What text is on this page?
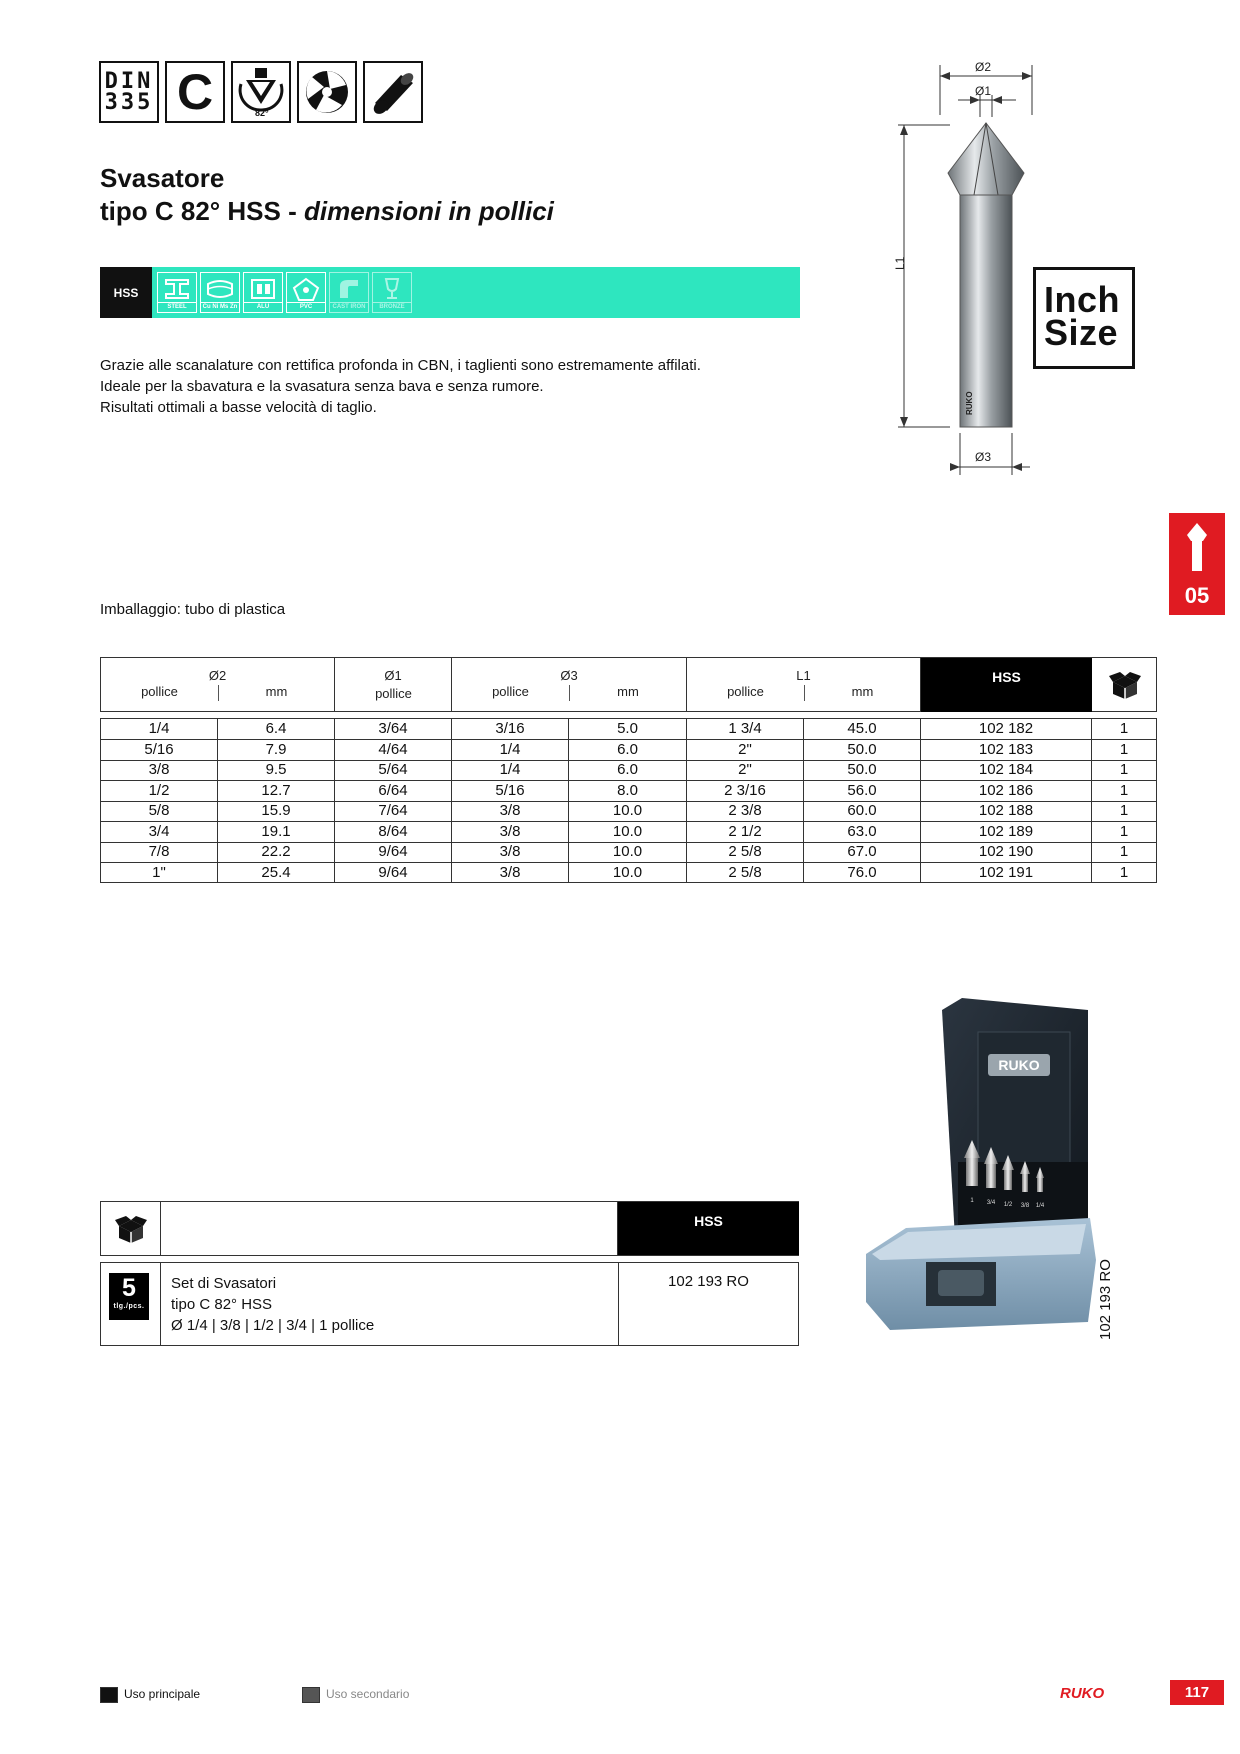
DIN
335 C	82°
Svasatore
tipo C 82° HSS - dimensioni in pollici
HSS
STEEL	Cu Ni Ms Zn	ALU	PVC	CAST IRON	BRONZE
Grazie alle scanalature con rettifica profonda in CBN, i taglienti sono estremamente affilati.
Ideale per la sbavatura e la svasatura senza bava e senza rumore.
Risultati ottimali a basse velocità di taglio.	RUKO
Ø2
Ø1
L1
Ø3
Inch
Size
05
Imballaggio: tubo di plastica
Ø2
pollice	mm
Ø1
pollice
Ø3
pollice	mm
L1
pollice	mm
HSS
1/4	6.4	3/64	3/16	5.0	1 3/4	45.0	102 182	1
5/16	7.9	4/64	1/4	6.0	2"	50.0	102 183	1
3/8	9.5	5/64	1/4	6.0	2"	50.0	102 184	1
1/2	12.7	6/64	5/16	8.0	2 3/16	56.0	102 186	1
5/8	15.9	7/64	3/8	10.0	2 3/8	60.0	102 188	1
3/4	19.1	8/64	3/8	10.0	2 1/2	63.0	102 189	1
7/8	22.2	9/64	3/8	10.0	2 5/8	67.0	102 190	1
1"	25.4	9/64	3/8	10.0	2 5/8	76.0	102 191	1
HSS
5
tlg./pcs.
Set di Svasatori
tipo C 82° HSS
Ø 1/4 | 3/8 | 1/2 | 3/4 | 1 pollice
102 193 RO
RUKO
1 3/4 1/2 3/8 1/4
102 193 RO
Uso principale	Uso secondario	RUKO	117
